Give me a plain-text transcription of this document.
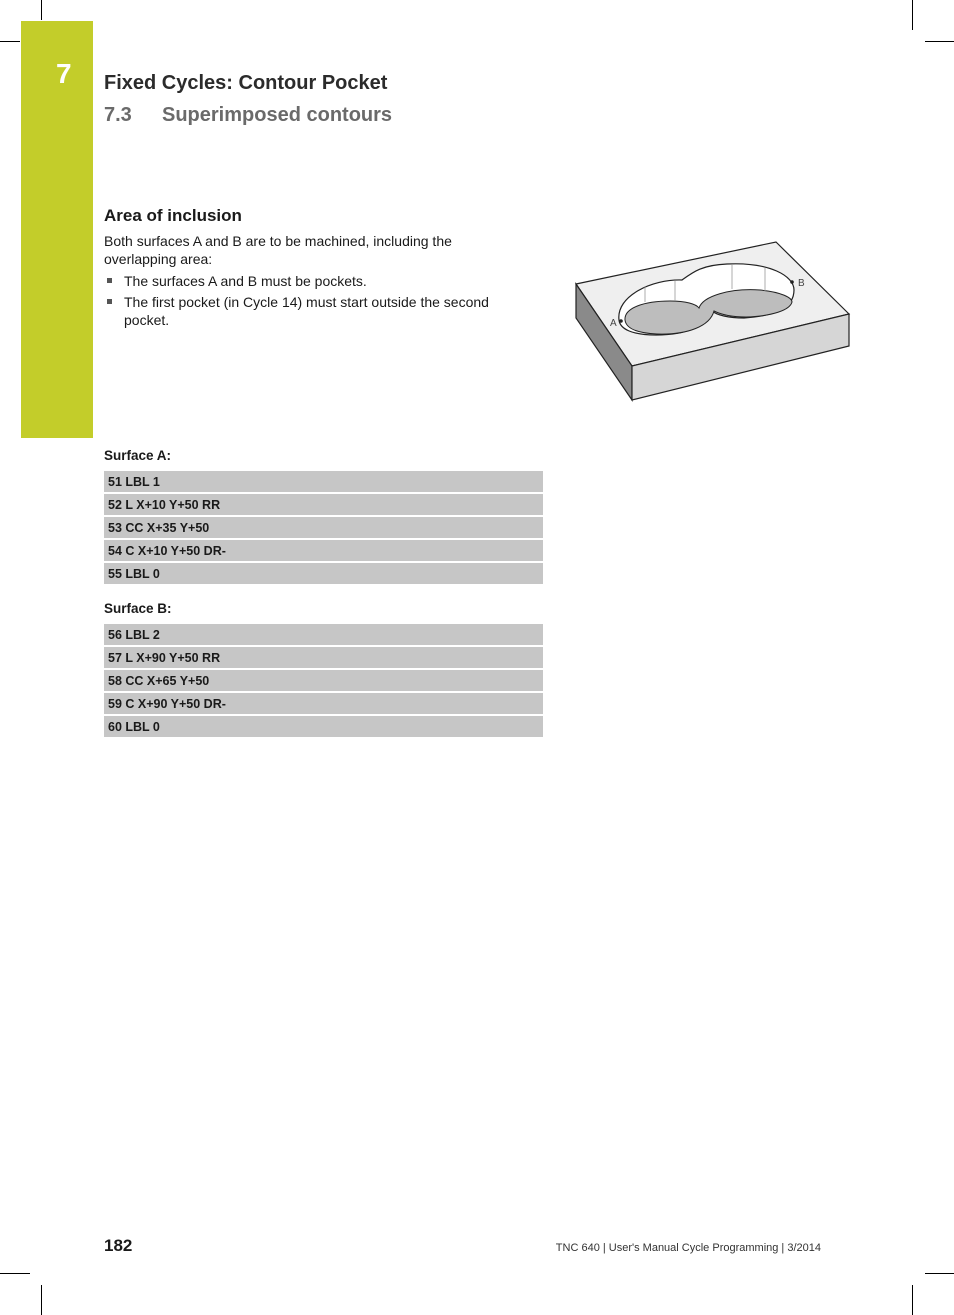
7 Fixed Cycles: Contour Pocket
7.3 Superimposed contours
Area of inclusion
Both surfaces A and B are to be machined, including the overlapping area:
The surfaces A and B must be pockets.
The first pocket (in Cycle 14) must start outside the second pocket.	A
B
Surface A:
51 LBL 1
52 L X+10 Y+50 RR
53 CC X+35 Y+50
54 C X+10 Y+50 DR-
55 LBL 0
Surface B:
56 LBL 2
57 L X+90 Y+50 RR
58 CC X+65 Y+50
59 C X+90 Y+50 DR-
60 LBL 0
182	TNC 640 | User's Manual Cycle Programming | 3/2014
